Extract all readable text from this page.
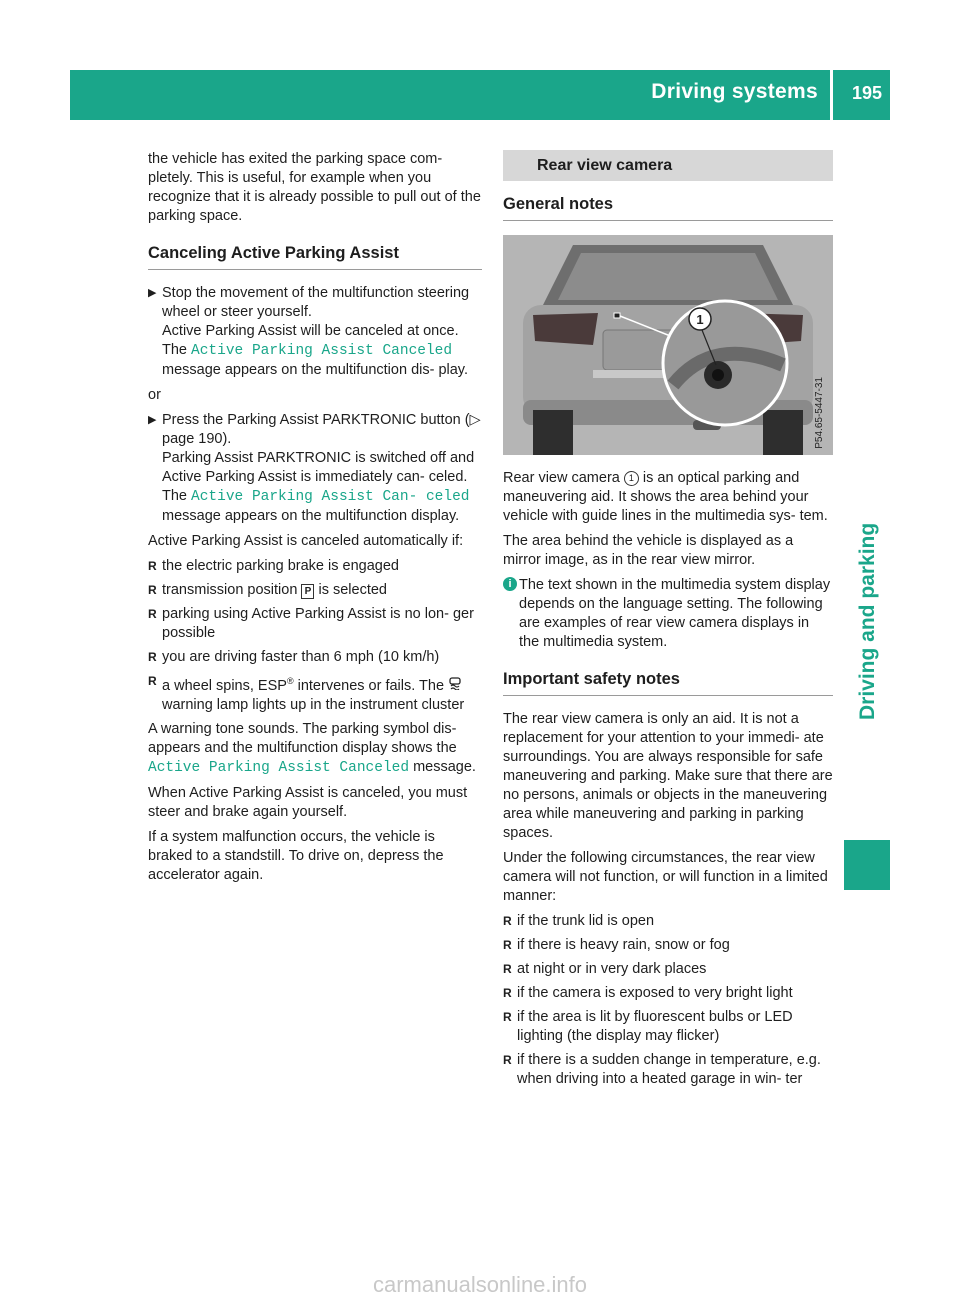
Driving systems 195
Driving and parking

the vehicle has exited the parking space com- pletely. This is useful, for example when you recognize that it is already possible to pull out of the parking space.

Canceling Active Parking Assist
▶ Stop the movement of the multifunction steering wheel or steer yourself.
Active Parking Assist will be canceled at once.
The Active Parking Assist Canceled message appears on the multifunction dis- play.

or

▶ Press the Parking Assist PARKTRONIC button (▷ page 190).
Parking Assist PARKTRONIC is switched off and Active Parking Assist is immediately can- celed. The Active Parking Assist Can‐ celed message appears on the multifunction display.

Active Parking Assist is canceled automatically if:

R the electric parking brake is engaged
R transmission position P is selected
R parking using Active Parking Assist is no lon- ger possible
R you are driving faster than 6 mph (10 km/h)
R a wheel spins, ESP® intervenes or fails. The  warning lamp lights up in the instrument cluster

A warning tone sounds. The parking symbol dis- appears and the multifunction display shows the Active Parking Assist Canceled message.

When Active Parking Assist is canceled, you must steer and brake again yourself.

If a system malfunction occurs, the vehicle is braked to a standstill. To drive on, depress the accelerator again.

Rear view camera
General notes
1
P54.65-5447-31

Rear view camera 1 is an optical parking and maneuvering aid. It shows the area behind your vehicle with guide lines in the multimedia sys- tem.

The area behind the vehicle is displayed as a mirror image, as in the rear view mirror.

i The text shown in the multimedia system display depends on the language setting. The following are examples of rear view camera displays in the multimedia system.
Important safety notes

The rear view camera is only an aid. It is not a replacement for your attention to your immedi- ate surroundings. You are always responsible for safe maneuvering and parking. Make sure that there are no persons, animals or objects in the maneuvering area while maneuvering and parking in parking spaces.

Under the following circumstances, the rear view camera will not function, or will function in a limited manner:

R if the trunk lid is open
R if there is heavy rain, snow or fog
R at night or in very dark places
R if the camera is exposed to very bright light
R if the area is lit by fluorescent bulbs or LED lighting (the display may flicker)
R if there is a sudden change in temperature, e.g. when driving into a heated garage in win- ter
carmanualsonline.info
